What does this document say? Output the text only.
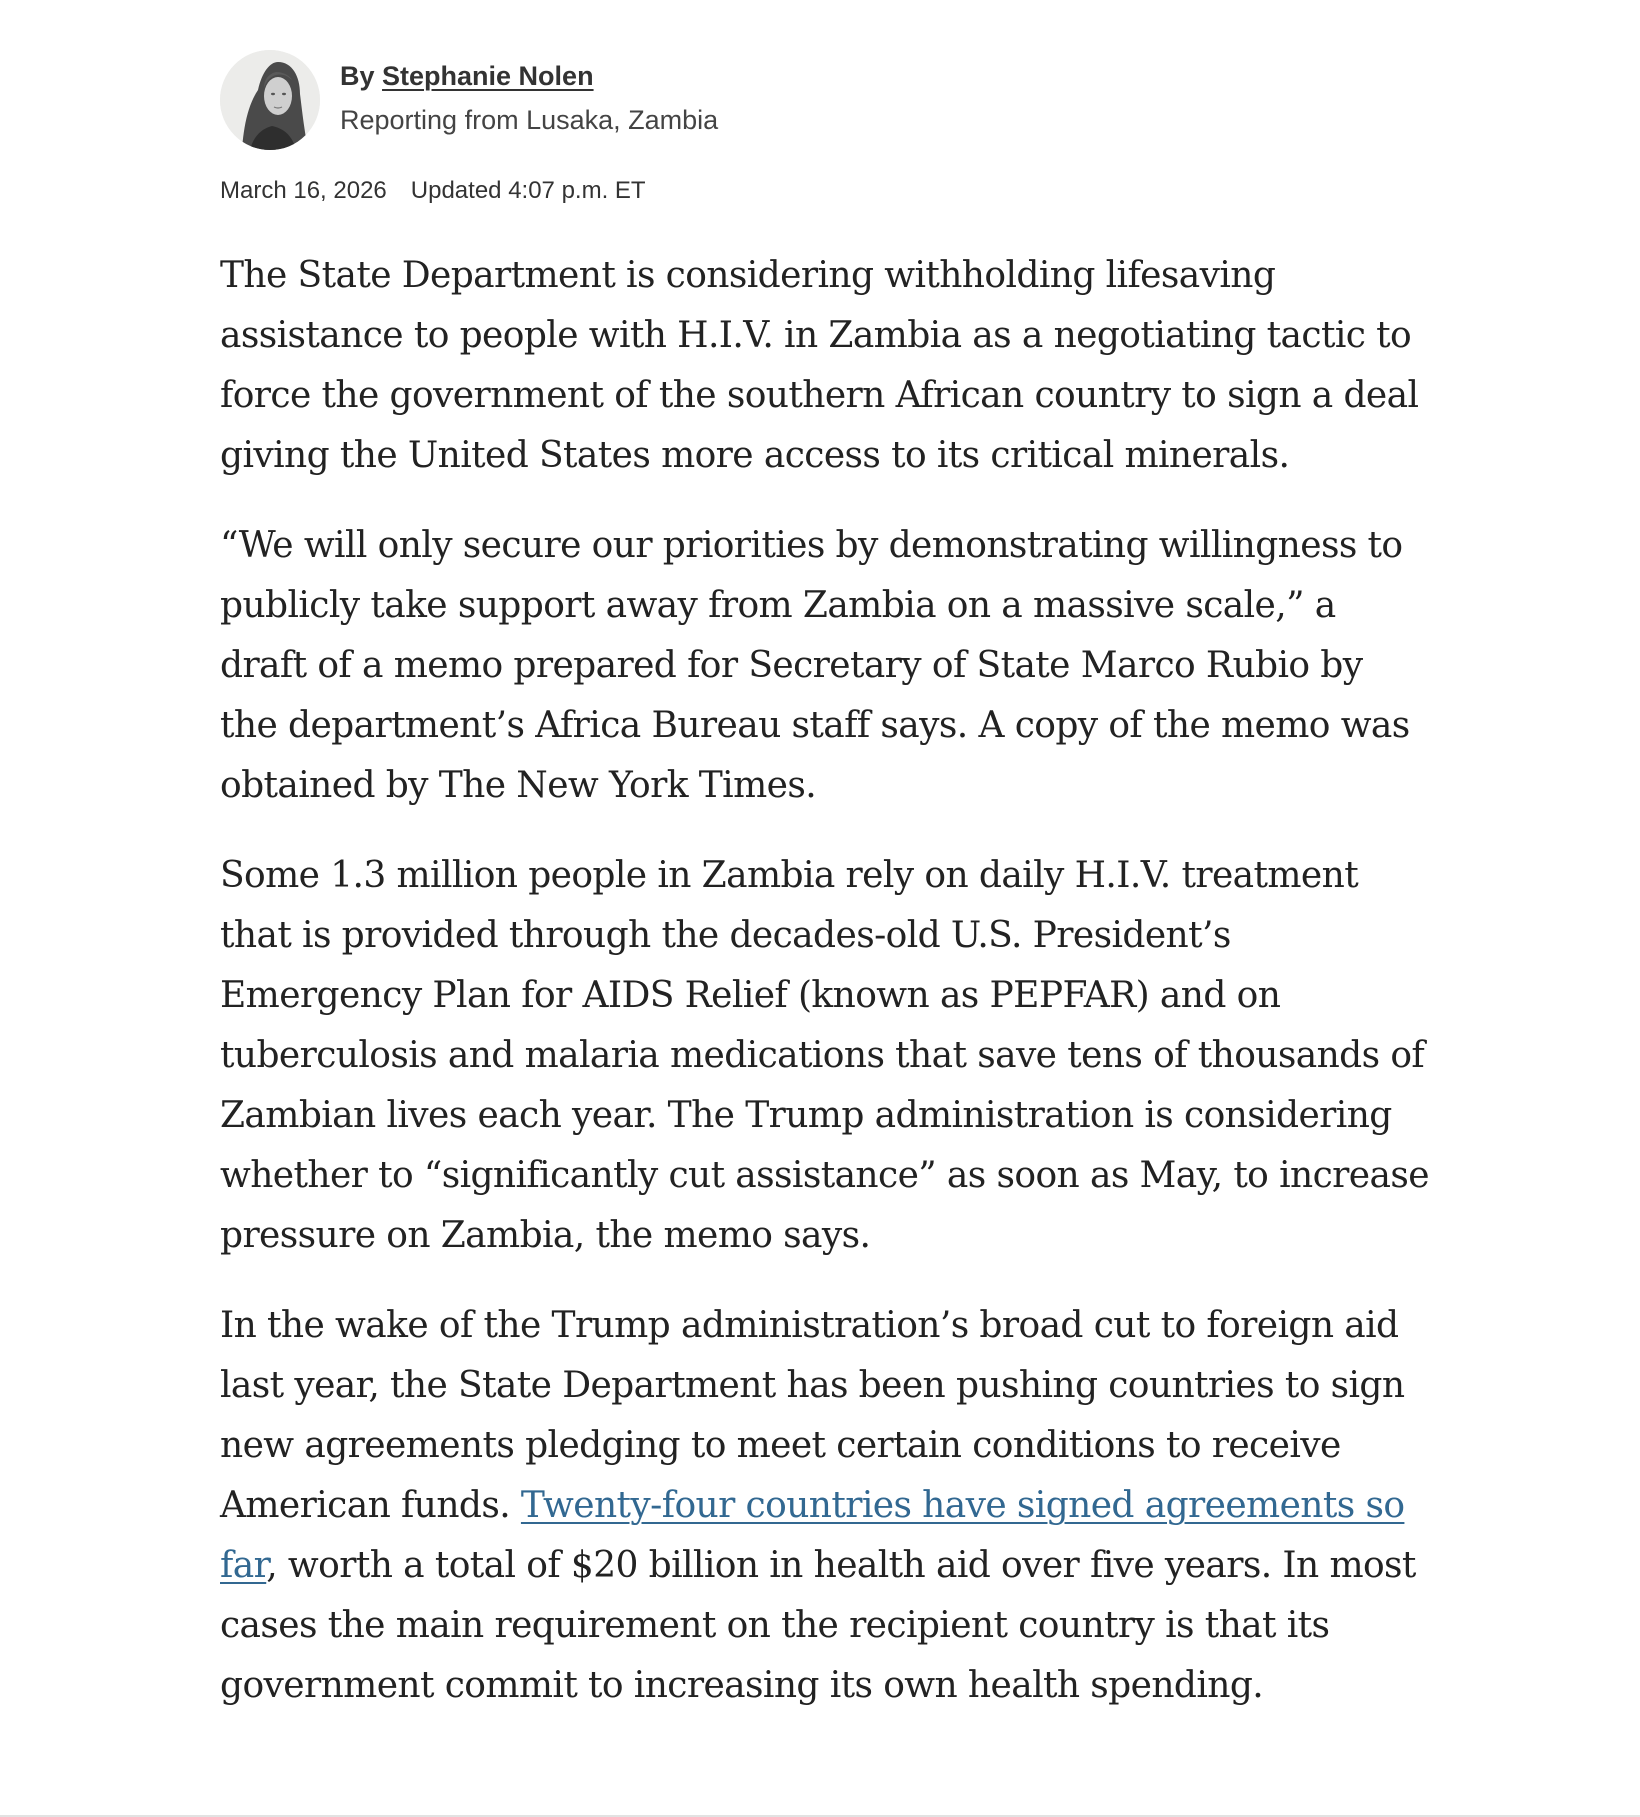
By Stephanie Nolen
Reporting from Lusaka, Zambia
March 16, 2026 Updated 4:07 p.m. ET

The State Department is considering withholding lifesaving assistance to people with H.I.V. in Zambia as a negotiating tactic to force the government of the southern African country to sign a deal giving the United States more access to its critical minerals.

“We will only secure our priorities by demonstrating willingness to publicly take support away from Zambia on a massive scale,” a draft of a memo prepared for Secretary of State Marco Rubio by the department’s Africa Bureau staff says. A copy of the memo was obtained by The New York Times.

Some 1.3 million people in Zambia rely on daily H.I.V. treatment that is provided through the decades-old U.S. President’s Emergency Plan for AIDS Relief (known as PEPFAR) and on tuberculosis and malaria medications that save tens of thousands of Zambian lives each year. The Trump administration is considering whether to “significantly cut assistance” as soon as May, to increase pressure on Zambia, the memo says.

In the wake of the Trump administration’s broad cut to foreign aid last year, the State Department has been pushing countries to sign new agreements pledging to meet certain conditions to receive American funds. Twenty-four countries have signed agreements so far, worth a total of $20 billion in health aid over five years. In most cases the main requirement on the recipient country is that its government commit to increasing its own health spending.
